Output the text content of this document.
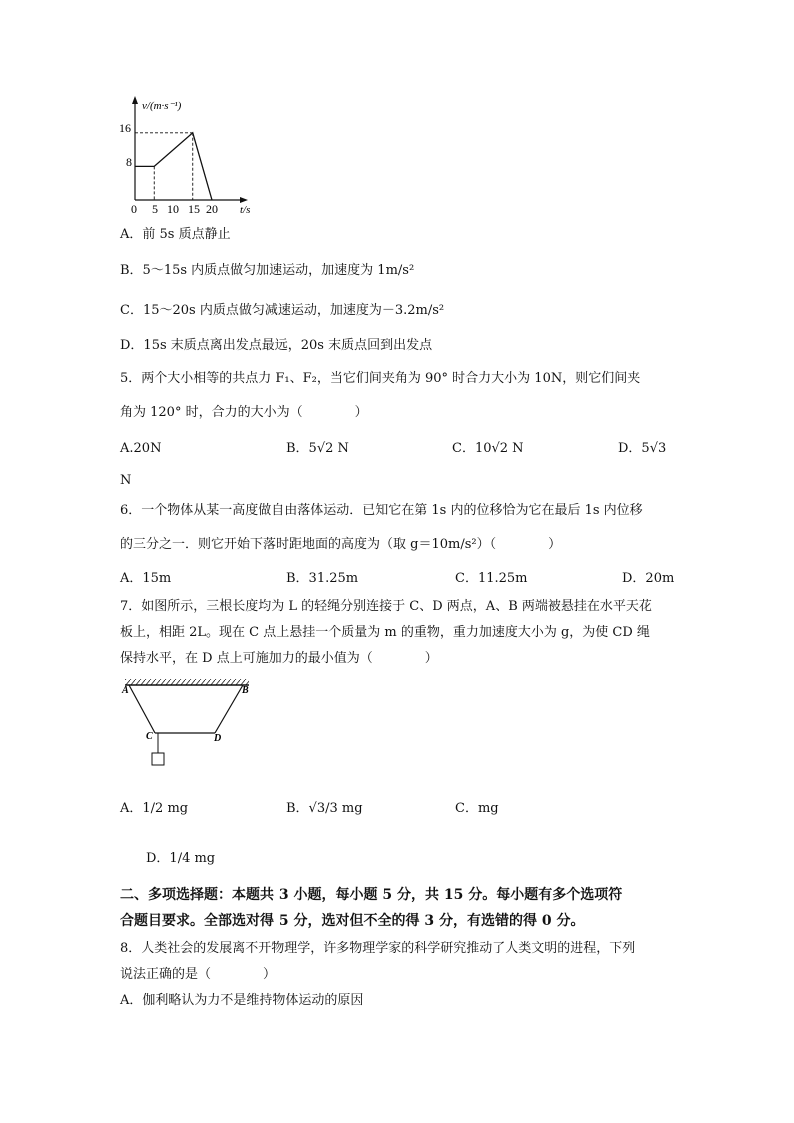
v/(m·s⁻¹)
t/s
16
8
0 5 10 15 20
A．前 5s 质点静止
B．5～15s 内质点做匀加速运动，加速度为 1m/s²
C．15～20s 内质点做匀减速运动，加速度为－3.2m/s²
D．15s 末质点离出发点最远，20s 末质点回到出发点
5．两个大小相等的共点力 F₁、F₂，当它们间夹角为 90° 时合力大小为 10N，则它们间夹
角为 120° 时，合力的大小为（　　　　）
A.20N	B．5√2 N	C．10√2 N	D．5√3
N
6．一个物体从某一高度做自由落体运动．已知它在第 1s 内的位移恰为它在最后 1s 内位移
的三分之一．则它开始下落时距地面的高度为（取 g＝10m/s²）（　　　　）
A．15m	B．31.25m	C．11.25m	D．20m
7．如图所示，三根长度均为 L 的轻绳分别连接于 C、D 两点，A、B 两端被悬挂在水平天花
板上，相距 2L。现在 C 点上悬挂一个质量为 m 的重物，重力加速度大小为 g，为使 CD 绳
保持水平，在 D 点上可施加力的最小值为（　　　　）
A	B
C	D
A．1/2 mg	B．√3/3 mg	C．mg
D．1/4 mg
二、多项选择题：本题共 3 小题，每小题 5 分，共 15 分。每小题有多个选项符
合题目要求。全部选对得 5 分，选对但不全的得 3 分，有选错的得 0 分。
8．人类社会的发展离不开物理学，许多物理学家的科学研究推动了人类文明的进程，下列
说法正确的是（　　　　）
A．伽利略认为力不是维持物体运动的原因
